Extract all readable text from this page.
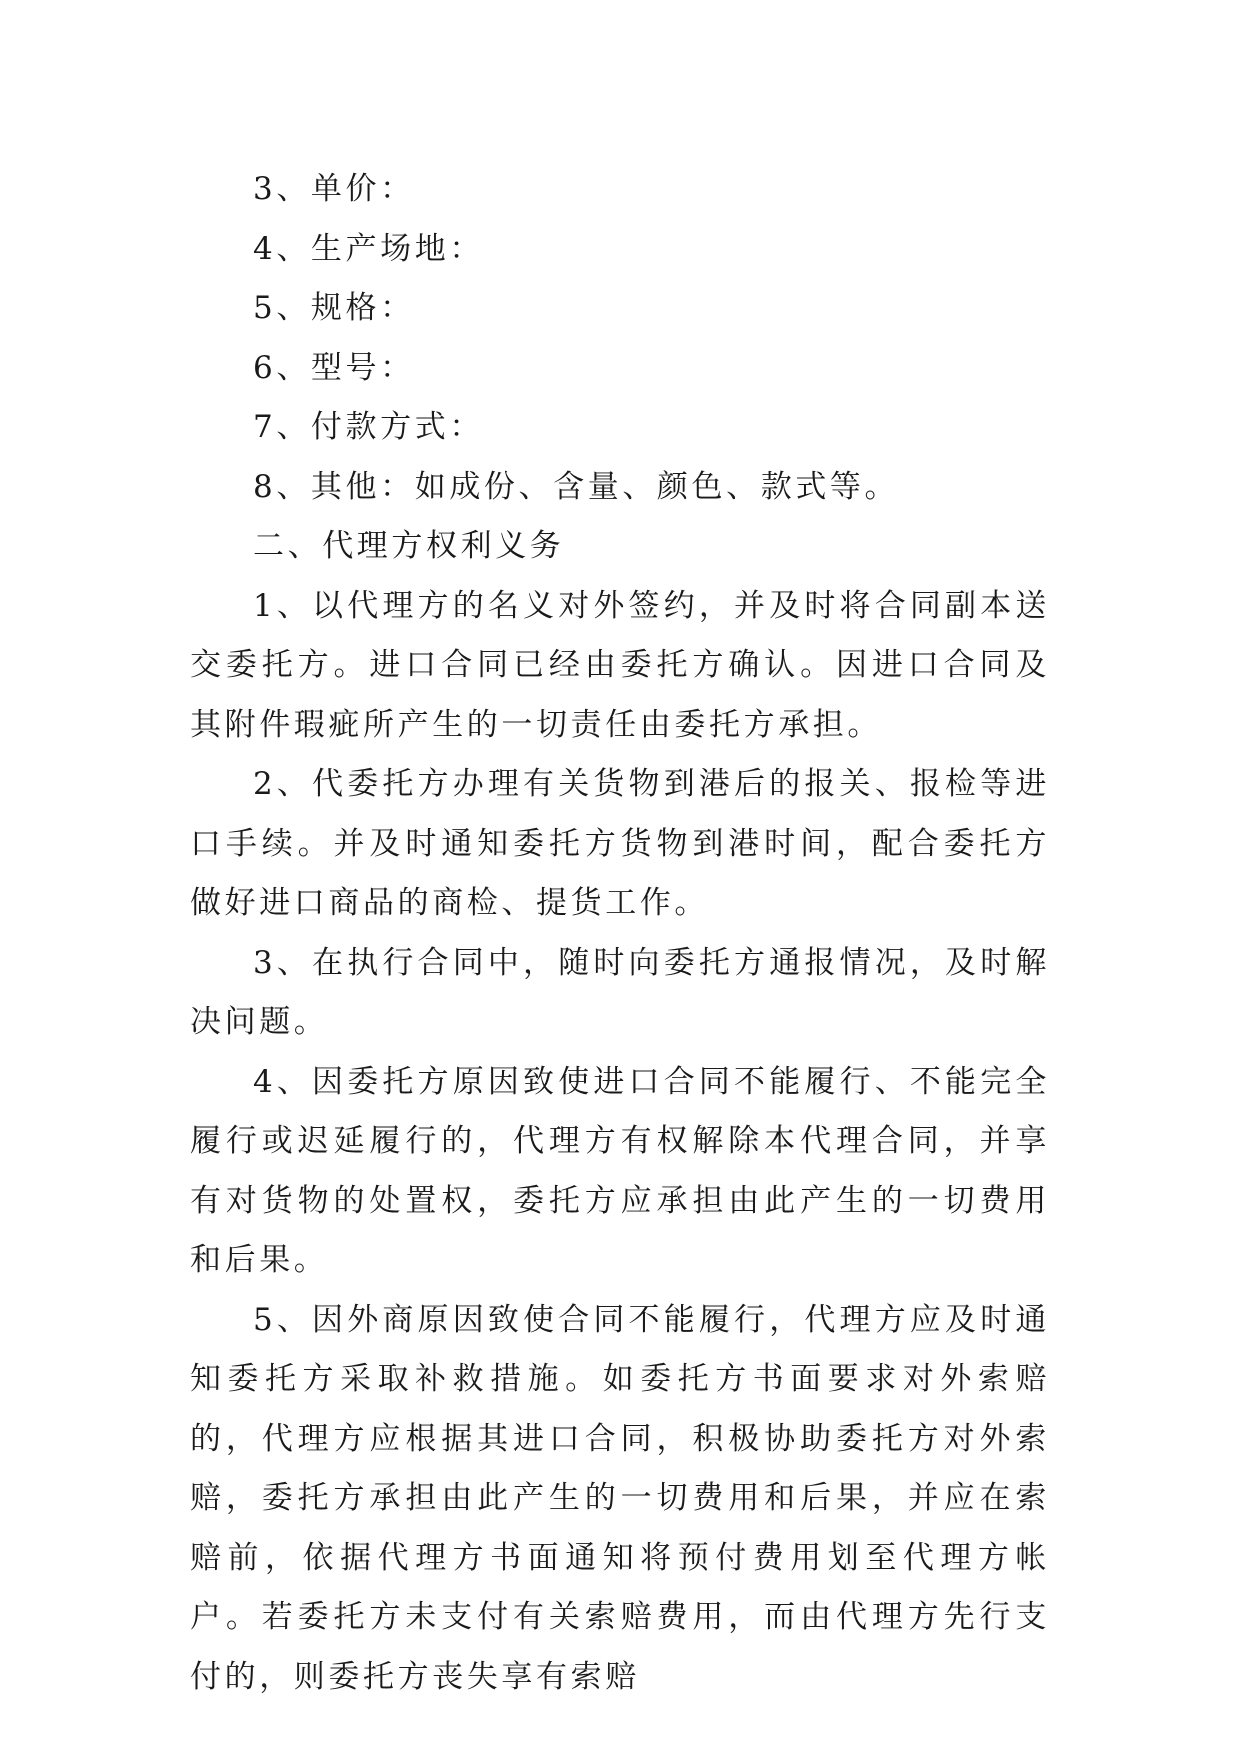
3、单价：

4、生产场地：

5、规格：

6、型号：

7、付款方式：

8、其他：如成份、含量、颜色、款式等。

二、代理方权利义务

1、以代理方的名义对外签约，并及时将合同副本送交委托方。进口合同已经由委托方确认。因进口合同及其附件瑕疵所产生的一切责任由委托方承担。

2、代委托方办理有关货物到港后的报关、报检等进口手续。并及时通知委托方货物到港时间，配合委托方做好进口商品的商检、提货工作。

3、在执行合同中，随时向委托方通报情况，及时解决问题。

4、因委托方原因致使进口合同不能履行、不能完全履行或迟延履行的，代理方有权解除本代理合同，并享有对货物的处置权，委托方应承担由此产生的一切费用和后果。

5、因外商原因致使合同不能履行，代理方应及时通知委托方采取补救措施。如委托方书面要求对外索赔的，代理方应根据其进口合同，积极协助委托方对外索赔，委托方承担由此产生的一切费用和后果，并应在索赔前，依据代理方书面通知将预付费用划至代理方帐户。若委托方未支付有关索赔费用，而由代理方先行支付的，则委托方丧失享有索赔
